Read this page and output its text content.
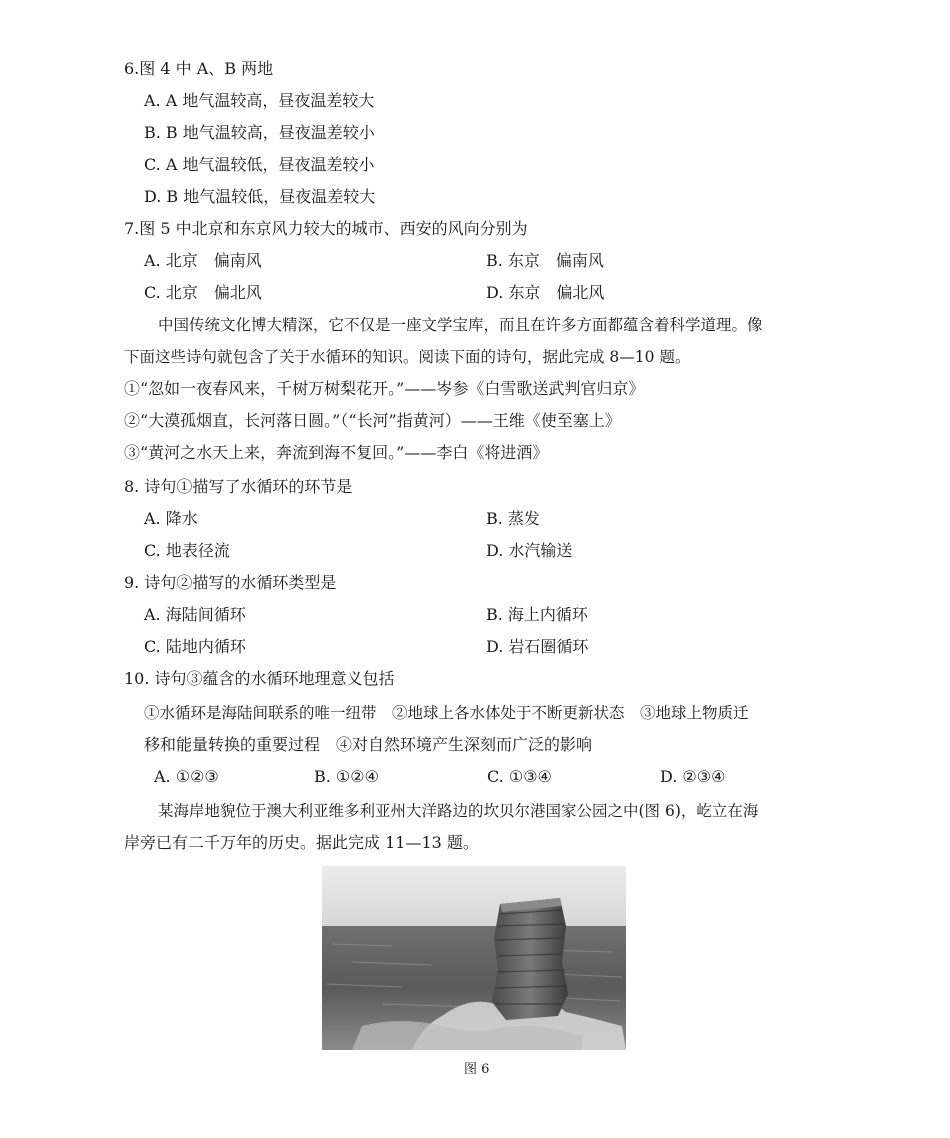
6.图 4 中 A、B 两地
A. A 地气温较高，昼夜温差较大
B. B 地气温较高，昼夜温差较小
C. A 地气温较低，昼夜温差较小
D. B 地气温较低，昼夜温差较大
7.图 5 中北京和东京风力较大的城市、西安的风向分别为
A. 北京　偏南风	B. 东京　偏南风
C. 北京　偏北风	D. 东京　偏北风
中国传统文化博大精深，它不仅是一座文学宝库，而且在许多方面都蕴含着科学道理。像
下面这些诗句就包含了关于水循环的知识。阅读下面的诗句，据此完成 8—10 题。
①“忽如一夜春风来，千树万树梨花开。”——岑参《白雪歌送武判官归京》
②“大漠孤烟直，长河落日圆。”（“长河”指黄河）——王维《使至塞上》
③“黄河之水天上来，奔流到海不复回。”——李白《将进酒》
8. 诗句①描写了水循环的环节是
A. 降水	B. 蒸发
C. 地表径流	D. 水汽输送
9. 诗句②描写的水循环类型是
A. 海陆间循环	B. 海上内循环
C. 陆地内循环	D. 岩石圈循环
10. 诗句③蕴含的水循环地理意义包括
①水循环是海陆间联系的唯一纽带　②地球上各水体处于不断更新状态　③地球上物质迁
移和能量转换的重要过程　④对自然环境产生深刻而广泛的影响
A. ①②③	B. ①②④	C. ①③④	D. ②③④
某海岸地貌位于澳大利亚维多利亚州大洋路边的坎贝尔港国家公园之中(图 6)，屹立在海
岸旁已有二千万年的历史。据此完成 11—13 题。
图 6
